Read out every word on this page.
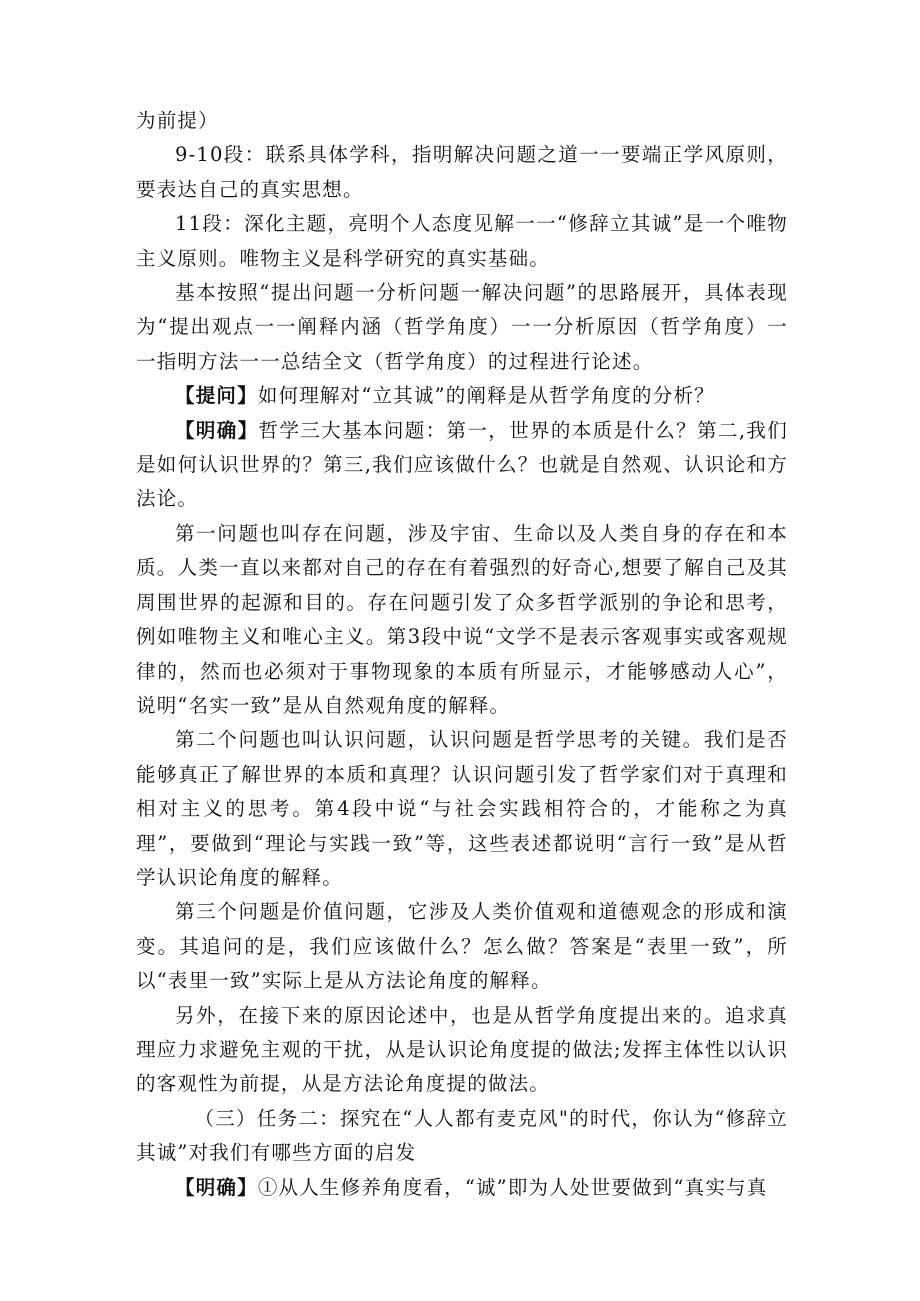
为前提）

9-10段：联系具体学科，指明解决问题之道一一要端正学风原则，要表达自己的真实思想。

11段：深化主题，亮明个人态度见解一一“修辞立其诚”是一个唯物主义原则。唯物主义是科学研究的真实基础。

基本按照“提出问题一分析问题一解决问题”的思路展开，具体表现为“提出观点一一阐释内涵（哲学角度）一一分析原因（哲学角度）一一指明方法一一总结全文（哲学角度）的过程进行论述。

【提问】如何理解对“立其诚”的阐释是从哲学角度的分析？

【明确】哲学三大基本问题：第一，世界的本质是什么？第二,我们是如何认识世界的？第三,我们应该做什么？也就是自然观、认识论和方法论。

第一问题也叫存在问题，涉及宇宙、生命以及人类自身的存在和本质。人类一直以来都对自己的存在有着强烈的好奇心,想要了解自己及其周围世界的起源和目的。存在问题引发了众多哲学派别的争论和思考，例如唯物主义和唯心主义。第3段中说“文学不是表示客观事实或客观规律的，然而也必须对于事物现象的本质有所显示，才能够感动人心”，说明“名实一致”是从自然观角度的解释。

第二个问题也叫认识问题，认识问题是哲学思考的关键。我们是否能够真正了解世界的本质和真理？认识问题引发了哲学家们对于真理和相对主义的思考。第4段中说“与社会实践相符合的，才能称之为真理”，要做到“理论与实践一致”等，这些表述都说明“言行一致”是从哲学认识论角度的解释。

第三个问题是价值问题，它涉及人类价值观和道德观念的形成和演变。其追问的是，我们应该做什么？怎么做？答案是“表里一致”，所以“表里一致”实际上是从方法论角度的解释。

另外，在接下来的原因论述中，也是从哲学角度提出来的。追求真理应力求避免主观的干扰，从是认识论角度提的做法;发挥主体性以认识的客观性为前提，从是方法论角度提的做法。

（三）任务二：探究在“人人都有麦克风"的时代，你认为“修辞立其诚”对我们有哪些方面的启发

【明确】①从人生修养角度看，“诚”即为人处世要做到“真实与真
